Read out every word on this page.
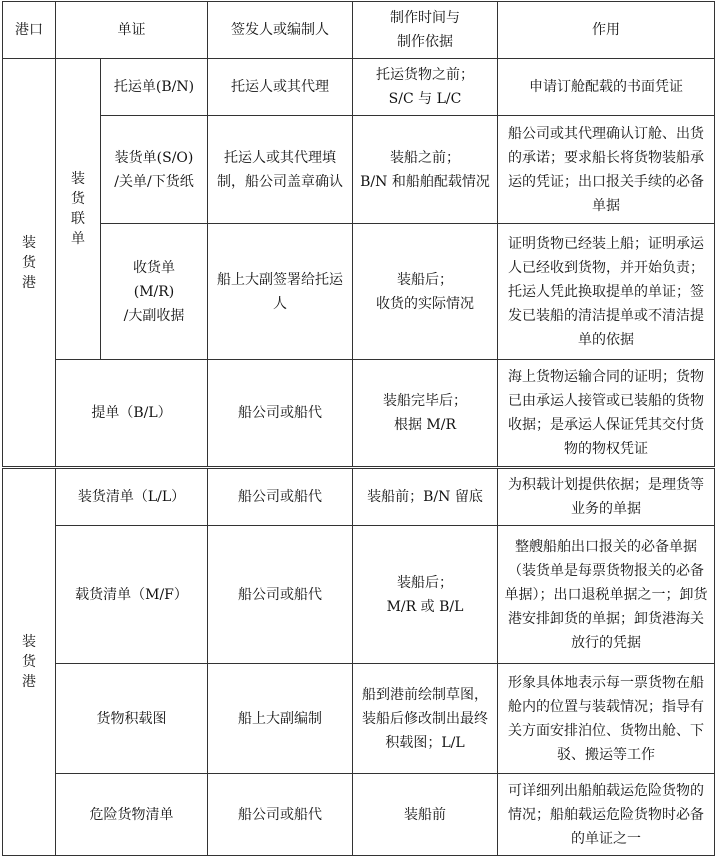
港口	单证		签发人或编制人	制作时间与
制作依据	作用

装货港	装货联单	托运单(B/N)	托运人或其代理	托运货物之前；
S/C 与 L/C	申请订舱配载的书面凭证
		装货单(S/O)
/关单/下货纸	托运人或其代理填制，船公司盖章确认	装船之前；
B/N 和船舶配载情况	船公司或其代理确认订舱、出货的承诺；要求船长将货物装船承运的凭证；出口报关手续的必备单据
		收货单
(M/R)
/大副收据	船上大副签署给托运人	装船后；
收货的实际情况	证明货物已经装上船；证明承运人已经收到货物，并开始负责；托运人凭此换取提单的单证；签发已装船的清洁提单或不清洁提单的依据
	提单（B/L）		船公司或船代	装船完毕后；
根据 M/R	海上货物运输合同的证明；货物已由承运人接管或已装船的货物收据；是承运人保证凭其交付货物的物权凭证

装货港	装货清单（L/L）		船公司或船代	装船前；B/N 留底	为积载计划提供依据；是理货等业务的单据
	载货清单（M/F）		船公司或船代	装船后；
M/R 或 B/L	整艘船舶出口报关的必备单据（装货单是每票货物报关的必备单据）；出口退税单据之一；卸货港安排卸货的单据；卸货港海关放行的凭据
	货物积载图		船上大副编制	船到港前绘制草图，装船后修改制出最终积载图；L/L	形象具体地表示每一票货物在船舱内的位置与装载情况；指导有关方面安排泊位、货物出舱、下驳、搬运等工作
	危险货物清单		船公司或船代	装船前	可详细列出船舶载运危险货物的情况；船舶载运危险货物时必备的单证之一
